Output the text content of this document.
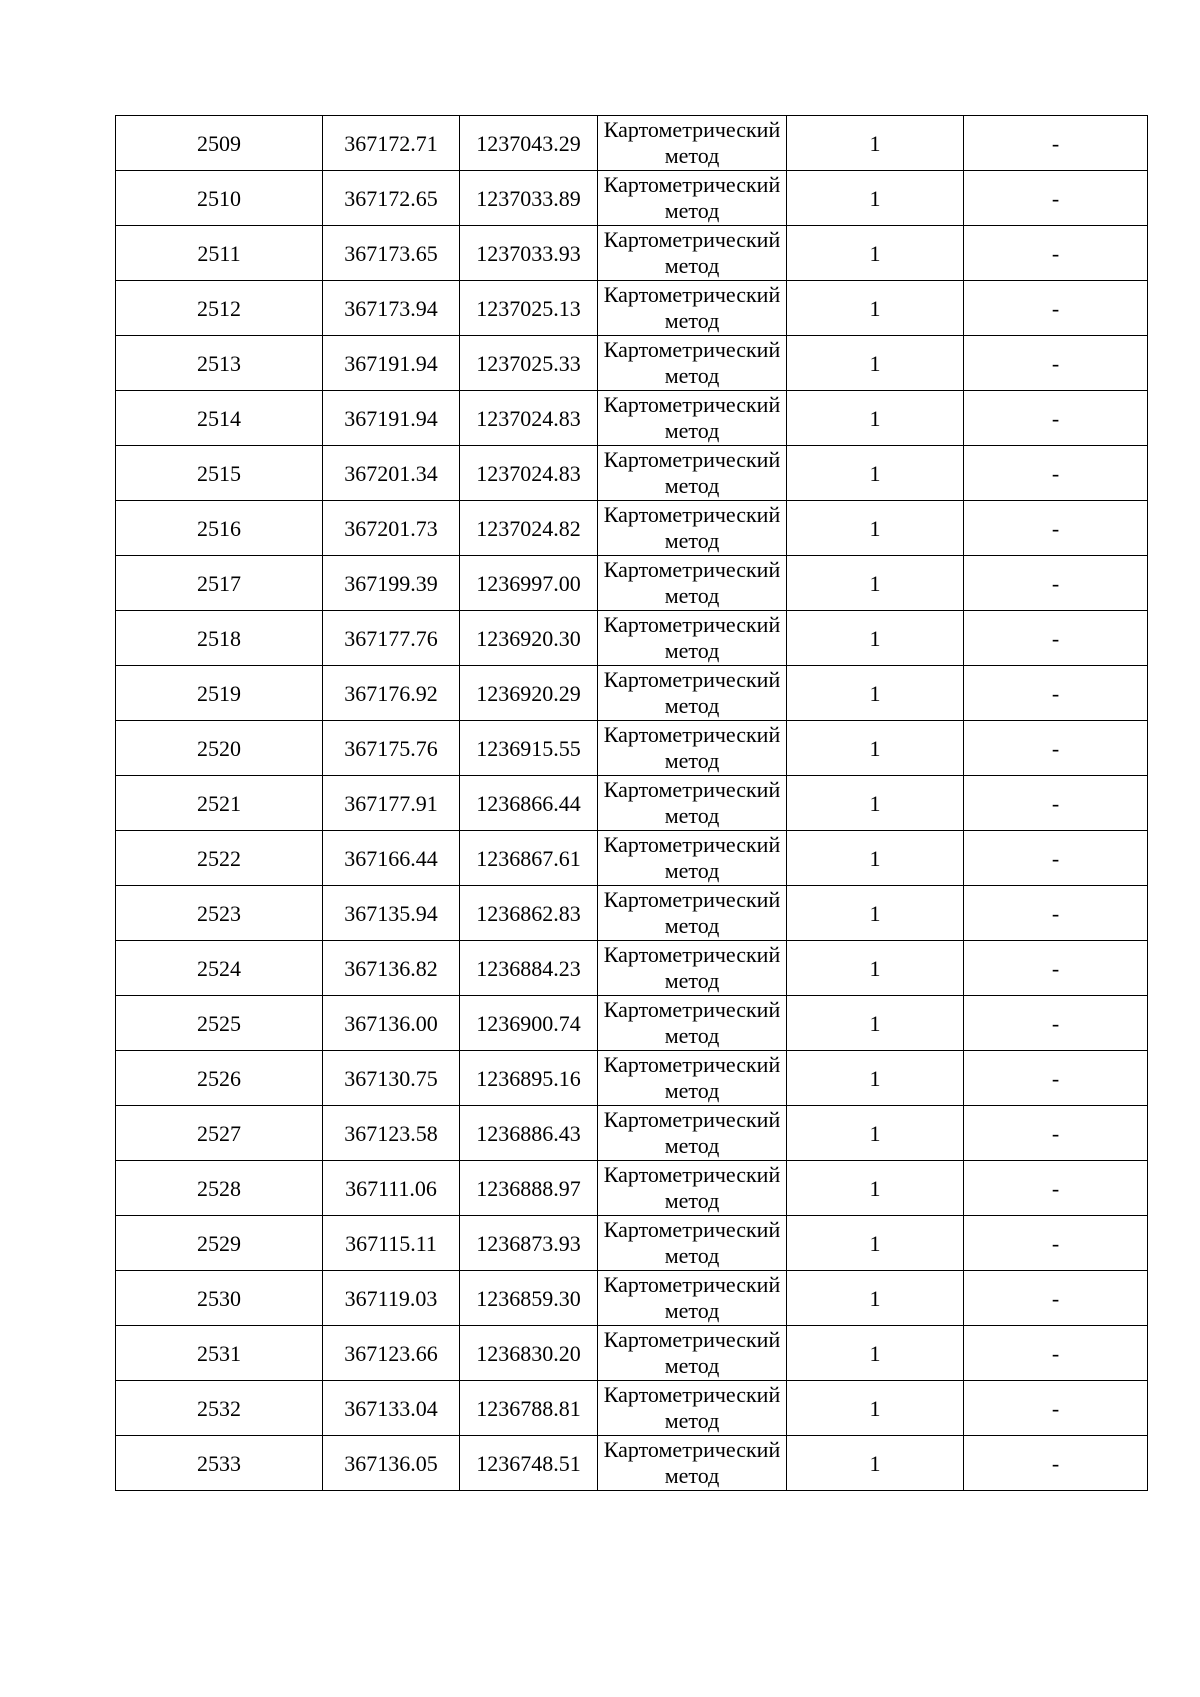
2509	367172.71	1237043.29	Картометрический метод	1	-
2510	367172.65	1237033.89	Картометрический метод	1	-
2511	367173.65	1237033.93	Картометрический метод	1	-
2512	367173.94	1237025.13	Картометрический метод	1	-
2513	367191.94	1237025.33	Картометрический метод	1	-
2514	367191.94	1237024.83	Картометрический метод	1	-
2515	367201.34	1237024.83	Картометрический метод	1	-
2516	367201.73	1237024.82	Картометрический метод	1	-
2517	367199.39	1236997.00	Картометрический метод	1	-
2518	367177.76	1236920.30	Картометрический метод	1	-
2519	367176.92	1236920.29	Картометрический метод	1	-
2520	367175.76	1236915.55	Картометрический метод	1	-
2521	367177.91	1236866.44	Картометрический метод	1	-
2522	367166.44	1236867.61	Картометрический метод	1	-
2523	367135.94	1236862.83	Картометрический метод	1	-
2524	367136.82	1236884.23	Картометрический метод	1	-
2525	367136.00	1236900.74	Картометрический метод	1	-
2526	367130.75	1236895.16	Картометрический метод	1	-
2527	367123.58	1236886.43	Картометрический метод	1	-
2528	367111.06	1236888.97	Картометрический метод	1	-
2529	367115.11	1236873.93	Картометрический метод	1	-
2530	367119.03	1236859.30	Картометрический метод	1	-
2531	367123.66	1236830.20	Картометрический метод	1	-
2532	367133.04	1236788.81	Картометрический метод	1	-
2533	367136.05	1236748.51	Картометрический метод	1	-
